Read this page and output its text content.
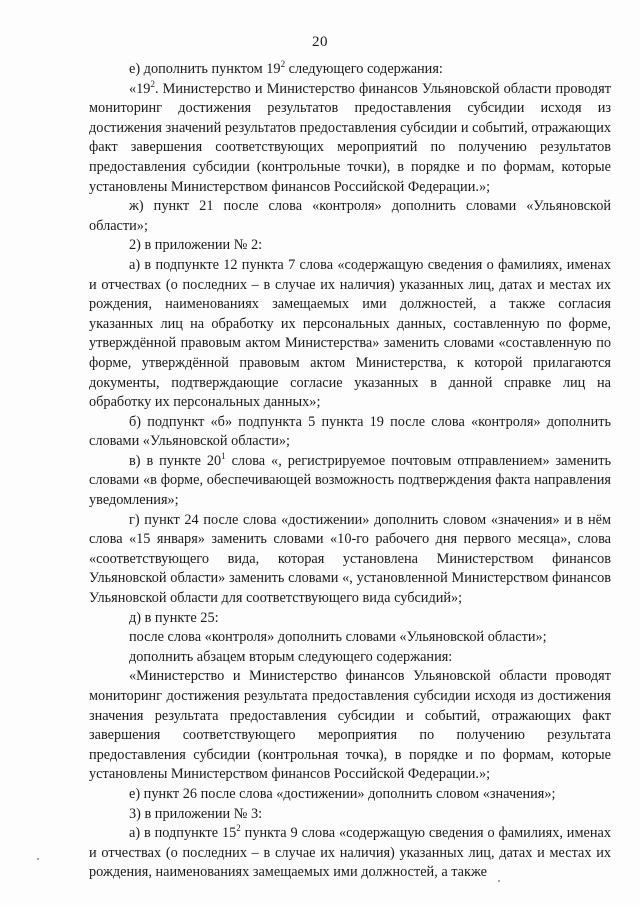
20

е) дополнить пунктом $19^2$ следующего содержания:

«$19^2$. Министерство и Министерство финансов Ульяновской области проводят мониторинг достижения результатов предоставления субсидии исходя из достижения значений результатов предоставления субсидии и событий, отражающих факт завершения соответствующих мероприятий по получению результатов предоставления субсидии (контрольные точки), в порядке и по формам, которые установлены Министерством финансов Российской Федерации.»;

ж) пункт 21 после слова «контроля» дополнить словами «Ульяновской области»;

2) в приложении № 2:

а) в подпункте 12 пункта 7 слова «содержащую сведения о фамилиях, именах и отчествах (о последних – в случае их наличия) указанных лиц, датах и местах их рождения, наименованиях замещаемых ими должностей, а также согласия указанных лиц на обработку их персональных данных, составленную по форме, утверждённой правовым актом Министерства» заменить словами «составленную по форме, утверждённой правовым актом Министерства, к которой прилагаются документы, подтверждающие согласие указанных в данной справке лиц на обработку их персональных данных»;

б) подпункт «б» подпункта 5 пункта 19 после слова «контроля» дополнить словами «Ульяновской области»;

в) в пункте $20^1$ слова «, регистрируемое почтовым отправлением» заменить словами «в форме, обеспечивающей возможность подтверждения факта направления уведомления»;

г) пункт 24 после слова «достижении» дополнить словом «значения» и в нём слова «15 января» заменить словами «10-го рабочего дня первого месяца», слова «соответствующего вида, которая установлена Министерством финансов Ульяновской области» заменить словами «, установленной Министерством финансов Ульяновской области для соответствующего вида субсидий»;

д) в пункте 25:

после слова «контроля» дополнить словами «Ульяновской области»;

дополнить абзацем вторым следующего содержания:

«Министерство и Министерство финансов Ульяновской области проводят мониторинг достижения результата предоставления субсидии исходя из достижения значения результата предоставления субсидии и событий, отражающих факт завершения соответствующего мероприятия по получению результата предоставления субсидии (контрольная точка), в порядке и по формам, которые установлены Министерством финансов Российской Федерации.»;

е) пункт 26 после слова «достижении» дополнить словом «значения»;

3) в приложении № 3:

а) в подпункте $15^2$ пункта 9 слова «содержащую сведения о фамилиях, именах и отчествах (о последних – в случае их наличия) указанных лиц, датах и местах их рождения, наименованиях замещаемых ими должностей, а также
